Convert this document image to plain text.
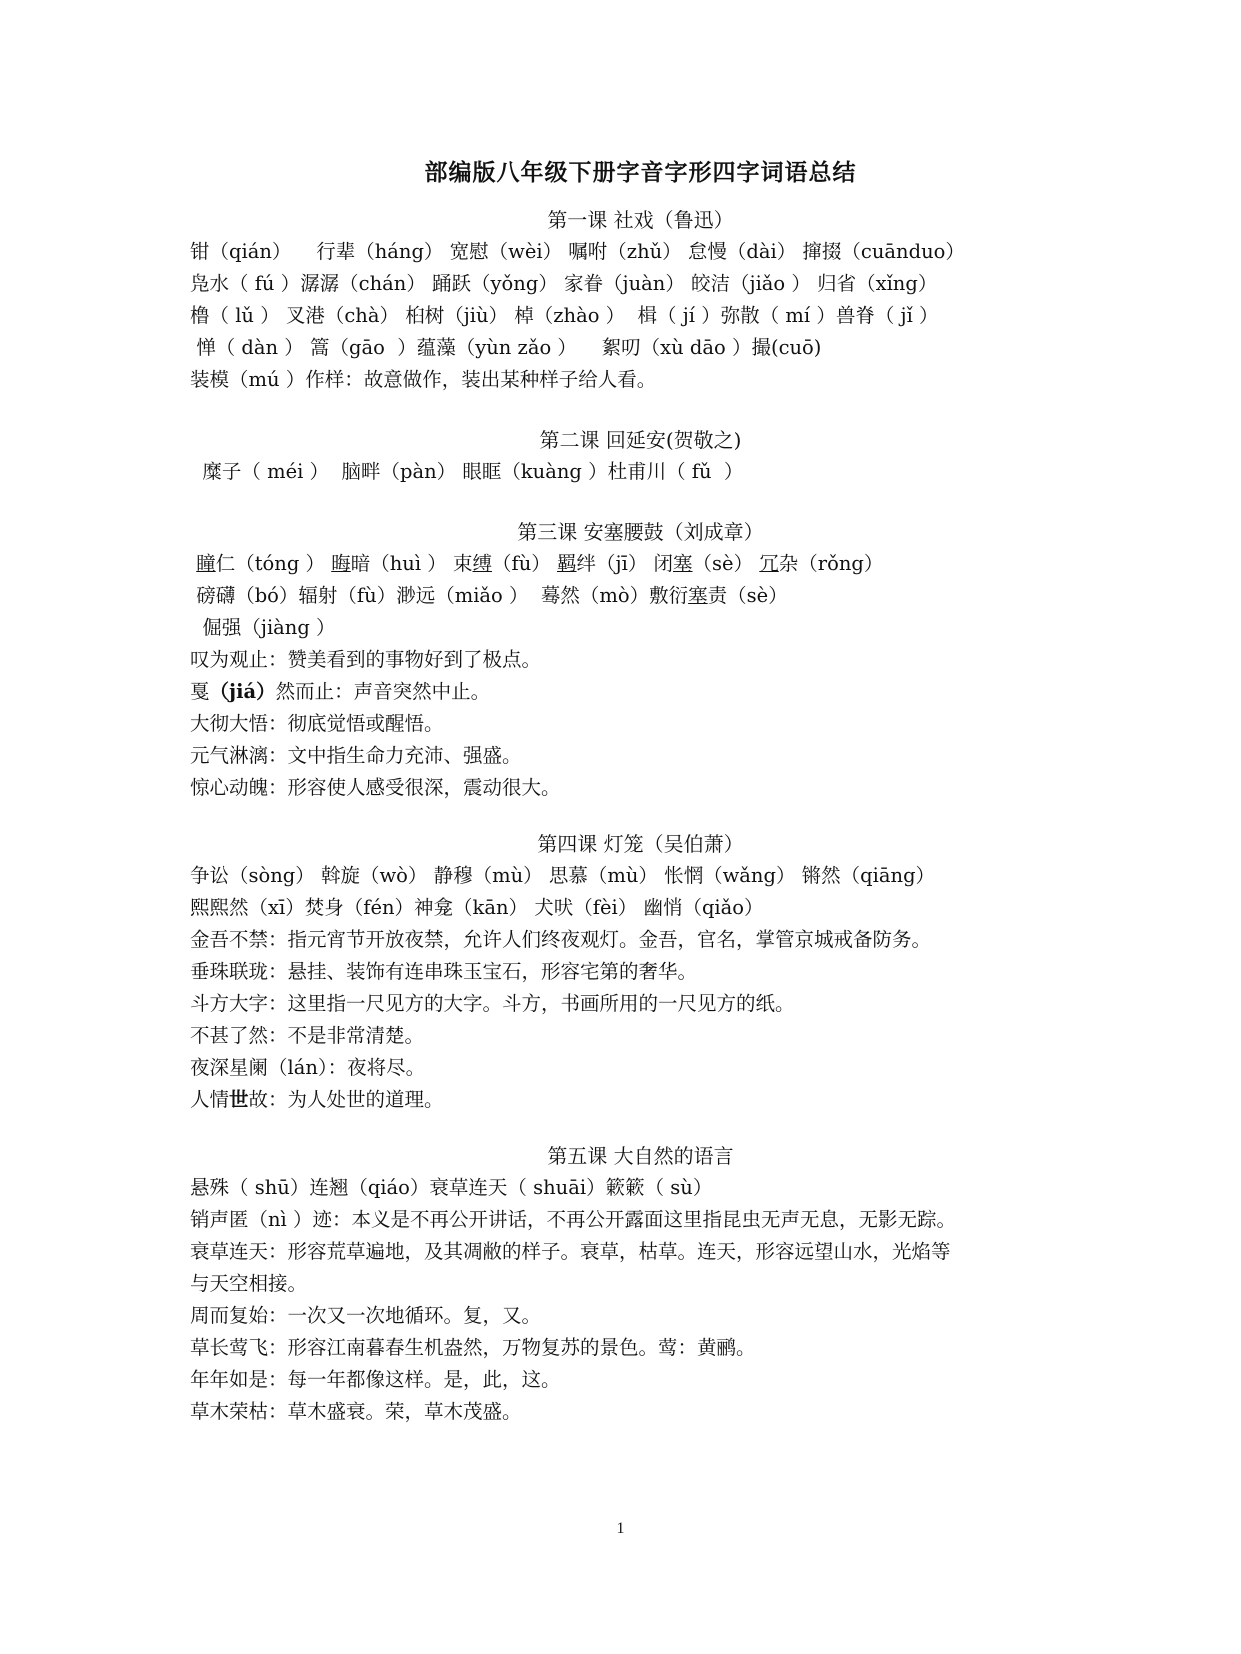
部编版八年级下册字音字形四字词语总结
第一课 社戏（鲁迅）
钳（qián）    行辈（háng） 宽慰（wèi） 嘱咐（zhǔ） 怠慢（dài） 撺掇（cuānduo）
凫水（ fú ）潺潺（chán） 踊跃（yǒng） 家眷（juàn） 皎洁（jiǎo ） 归省（xǐng）
橹（ lǔ ） 叉港（chà） 桕树（jiù） 棹（zhào ）  楫（ jí ）弥散（ mí ）兽脊（ jǐ ）
惮（ dàn ） 篙（gāo  ）蕴藻（yùn zǎo ）    絮叨（xù dāo ）撮(cuō)
装模（mú ）作样：故意做作，装出某种样子给人看。
第二课 回延安(贺敬之)
糜子（ méi ）  脑畔（pàn） 眼眶（kuàng ）杜甫川（ fǔ  ）
第三课 安塞腰鼓（刘成章）
瞳仁（tóng ） 晦暗（huì ） 束缚（fù） 羁绊（jī） 闭塞（sè） 冗杂（rǒng）
磅礴（bó）辐射（fù）渺远（miǎo ）  蓦然（mò）敷衍塞责（sè）
倔强（jiàng ）
叹为观止：赞美看到的事物好到了极点。
戛（jiá）然而止：声音突然中止。
大彻大悟：彻底觉悟或醒悟。
元气淋漓：文中指生命力充沛、强盛。
惊心动魄：形容使人感受很深，震动很大。
第四课 灯笼（吴伯萧）
争讼（sòng） 斡旋（wò） 静穆（mù） 思慕（mù） 怅惘（wǎng） 锵然（qiāng）
熙熙然（xī）焚身（fén）神龛（kān） 犬吠（fèi） 幽悄（qiǎo）
金吾不禁：指元宵节开放夜禁，允许人们终夜观灯。金吾，官名，掌管京城戒备防务。
垂珠联珑：悬挂、装饰有连串珠玉宝石，形容宅第的奢华。
斗方大字：这里指一尺见方的大字。斗方，书画所用的一尺见方的纸。
不甚了然：不是非常清楚。
夜深星阑（lán）：夜将尽。
人情世故：为人处世的道理。
第五课 大自然的语言
悬殊（ shū）连翘（qiáo）衰草连天（ shuāi）簌簌（ sù）
销声匿（nì ）迹：本义是不再公开讲话，不再公开露面这里指昆虫无声无息，无影无踪。
衰草连天：形容荒草遍地，及其凋敝的样子。衰草，枯草。连天，形容远望山水，光焰等
与天空相接。
周而复始：一次又一次地循环。复，又。
草长莺飞：形容江南暮春生机盎然，万物复苏的景色。莺：黄鹂。
年年如是：每一年都像这样。是，此，这。
草木荣枯：草木盛衰。荣，草木茂盛。
1
